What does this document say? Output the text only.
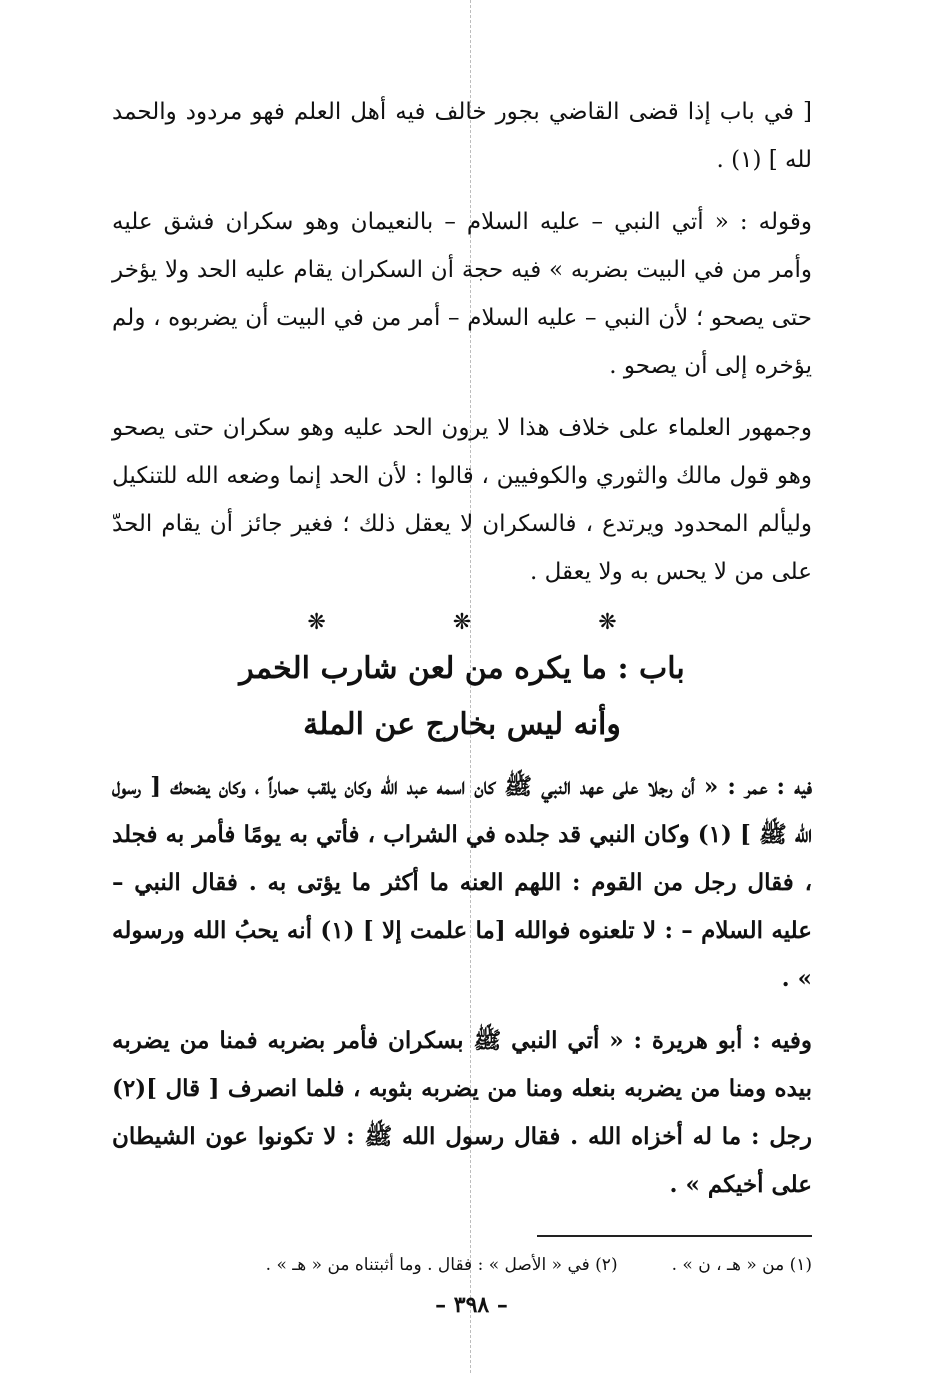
[ في باب إذا قضى القاضي بجور خالف فيه أهل العلم فهو مردود والحمد لله ] (١) .

وقوله : « أتي النبي – عليه السلام – بالنعيمان وهو سكران فشق عليه وأمر من في البيت بضربه » فيه حجة أن السكران يقام عليه الحد ولا يؤخر حتى يصحو ؛ لأن النبي – عليه السلام – أمر من في البيت أن يضربوه ، ولم يؤخره إلى أن يصحو .

وجمهور العلماء على خلاف هذا لا يرون الحد عليه وهو سكران حتى يصحو وهو قول مالك والثوري والكوفيين ، قالوا : لأن الحد إنما وضعه الله للتنكيل وليألم المحدود ويرتدع ، فالسكران لا يعقل ذلك ؛ فغير جائز أن يقام الحدّ على من لا يحس به ولا يعقل .

❋ ❋ ❋
باب : ما يكره من لعن شارب الخمر
وأنه ليس بخارج عن الملة

فيه : عمر : « أن رجلا على عهد النبي ﷺ كان اسمه عبد الله وكان يلقب حماراً ، وكان يضحك [ رسول الله ﷺ ] (١) وكان النبي قد جلده في الشراب ، فأتي به يومًا فأمر به فجلد ، فقال رجل من القوم : اللهم العنه ما أكثر ما يؤتى به . فقال النبي – عليه السلام – : لا تلعنوه فوالله [ما علمت إلا ] (١) أنه يحبُ الله ورسوله » .

وفيه : أبو هريرة : « أتي النبي ﷺ بسكران فأمر بضربه فمنا من يضربه بيده ومنا من يضربه بنعله ومنا من يضربه بثوبه ، فلما انصرف [ قال ](٢) رجل : ما له أخزاه الله . فقال رسول الله ﷺ : لا تكونوا عون الشيطان على أخيكم » .

(١) من « هـ ، ن » .
(٢) في « الأصل » : فقال . وما أثبتناه من « هـ » .
– ٣٩٨ –
